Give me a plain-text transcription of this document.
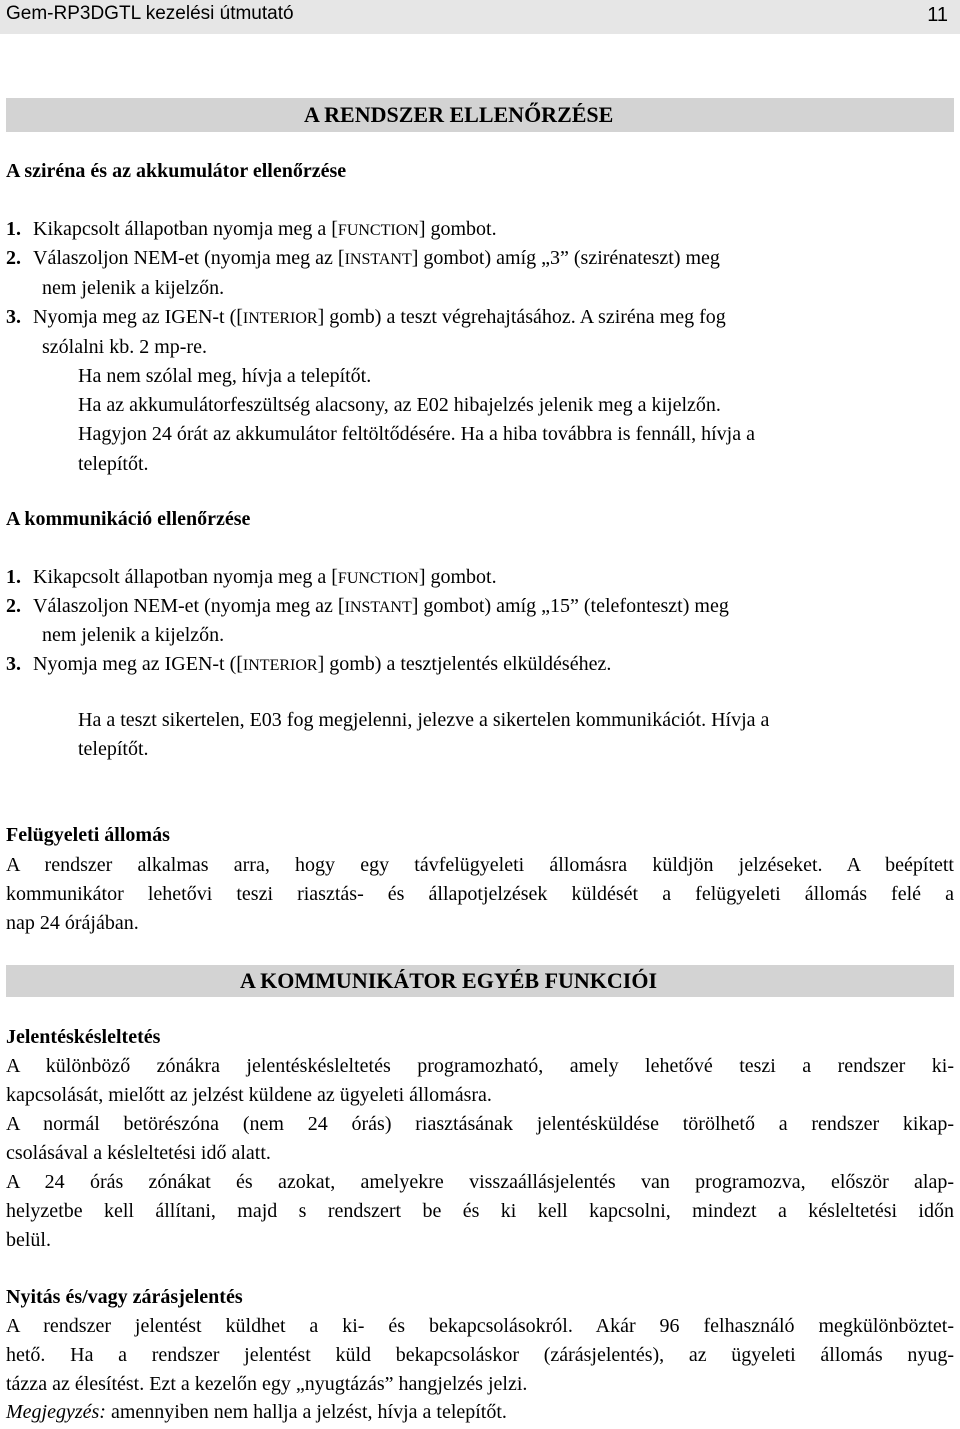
Gem-RP3DGTL kezelési útmutató	11
A RENDSZER ELLENŐRZÉSE
A sziréna és az akkumulátor ellenőrzése
1. Kikapcsolt állapotban nyomja meg a [FUNCTION] gombot.
2. Válaszoljon NEM-et (nyomja meg az [INSTANT] gombot) amíg „3” (szirénateszt) meg
nem jelenik a kijelzőn.
3. Nyomja meg az IGEN-t ([INTERIOR] gomb) a teszt végrehajtásához. A sziréna meg fog
szólalni kb. 2 mp-re.
Ha nem szólal meg, hívja a telepítőt.
Ha az akkumulátorfeszültség alacsony, az E02 hibajelzés jelenik meg a kijelzőn.
Hagyjon 24 órát az akkumulátor feltöltődésére. Ha a hiba továbbra is fennáll, hívja a
telepítőt.
A kommunikáció ellenőrzése
1. Kikapcsolt állapotban nyomja meg a [FUNCTION] gombot.
2. Válaszoljon NEM-et (nyomja meg az [INSTANT] gombot) amíg „15” (telefonteszt) meg
nem jelenik a kijelzőn.
3. Nyomja meg az IGEN-t ([INTERIOR] gomb) a tesztjelentés elküldéséhez.
Ha a teszt sikertelen, E03 fog megjelenni, jelezve a sikertelen kommunikációt. Hívja a
telepítőt.
Felügyeleti állomás
A rendszer alkalmas arra, hogy egy távfelügyeleti állomásra küldjön jelzéseket. A beépített
kommunikátor lehetővi teszi riasztás- és állapotjelzések küldését a felügyeleti állomás felé a
nap 24 órájában.
A KOMMUNIKÁTOR EGYÉB FUNKCIÓI
Jelentéskésleltetés
A különböző zónákra jelentéskésleltetés programozható, amely lehetővé teszi a rendszer ki-
kapcsolását, mielőtt az jelzést küldene az ügyeleti állomásra.
A normál betörészóna (nem 24 órás) riasztásának jelentésküldése törölhető a rendszer kikap-
csolásával a késleltetési idő alatt.
A 24 órás zónákat és azokat, amelyekre visszaállásjelentés van programozva, először alap-
helyzetbe kell állítani, majd s rendszert be és ki kell kapcsolni, mindezt a késleltetési időn
belül.
Nyitás és/vagy zárásjelentés
A rendszer jelentést küldhet a ki- és bekapcsolásokról. Akár 96 felhasználó megkülönböztet-
hető. Ha a rendszer jelentést küld bekapcsoláskor (zárásjelentés), az ügyeleti állomás nyug-
tázza az élesítést. Ezt a kezelőn egy „nyugtázás” hangjelzés jelzi.
Megjegyzés: amennyiben nem hallja a jelzést, hívja a telepítőt.
